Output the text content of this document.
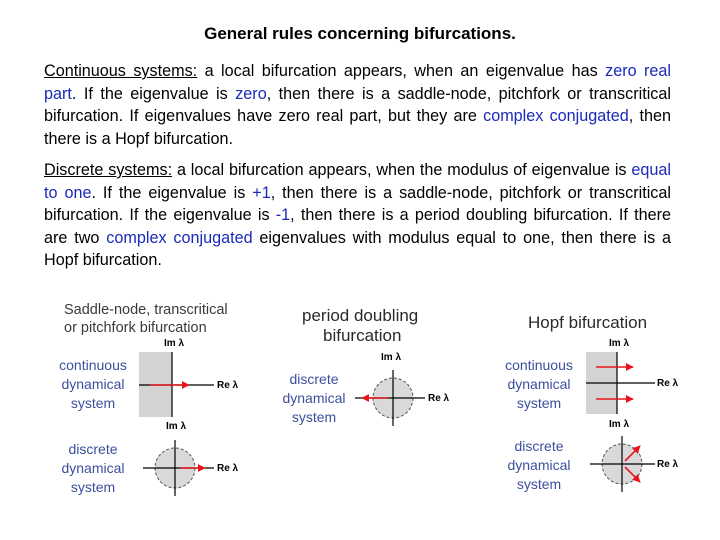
General rules concerning bifurcations.

Continuous systems: a local bifurcation appears, when an eigenvalue has zero real part. If the eigenvalue is zero, then there is a saddle-node, pitchfork or transcritical bifurcation. If eigenvalues have zero real part, but they are complex conjugated, then there is a Hopf bifurcation.

Discrete systems: a local bifurcation appears, when the modulus of eigenvalue is equal to one. If the eigenvalue is +1, then there is a saddle-node, pitchfork or transcritical bifurcation. If the eigenvalue is -1, then there is a period doubling bifurcation. If there are two complex conjugated eigenvalues with modulus equal to one, then there is a Hopf bifurcation.

Saddle-node, transcritical
or pitchfork bifurcation
period doubling
bifurcation
Hopf bifurcation
continuous
dynamical
system
discrete
dynamical
system
discrete
dynamical
system
continuous
dynamical
system
discrete
dynamical
system
Im λ
Re λ
Im λ
Re λ
Im λ
Re λ
Im λ
Re λ
Im λ
Re λ
